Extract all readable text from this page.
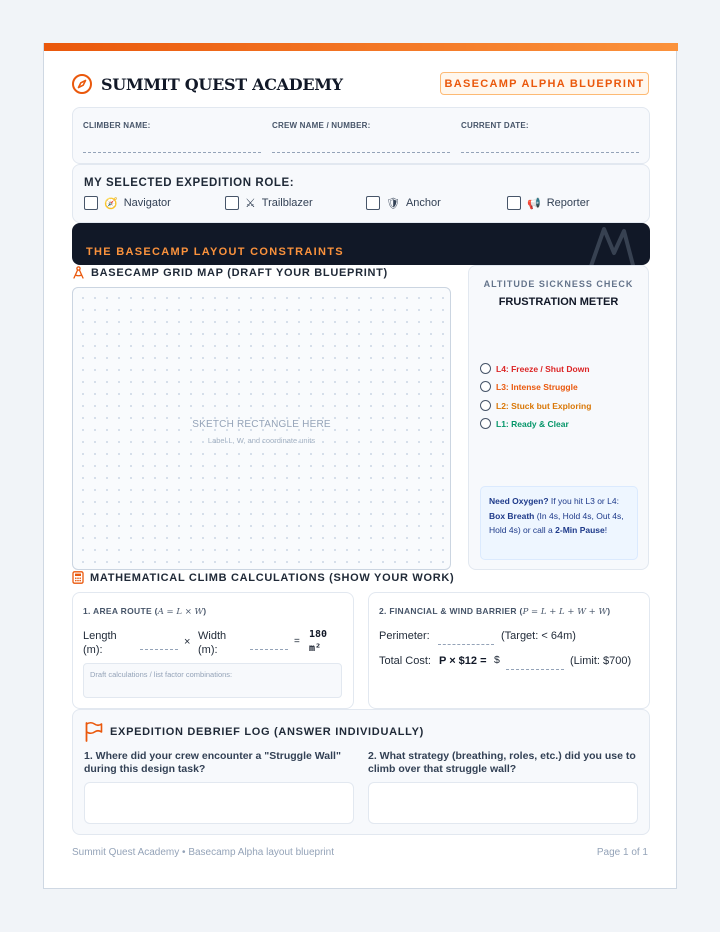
SUMMIT QUEST ACADEMY	BASECAMP ALPHA BLUEPRINT
CLIMBER NAME:	CREW NAME / NUMBER:	CURRENT DATE:
MY SELECTED EXPEDITION ROLE:
🧭 Navigator	⚔ Trailblazer	🛡 Anchor	📢 Reporter
THE BASECAMP LAYOUT CONSTRAINTS
BASECAMP GRID MAP (DRAFT YOUR BLUEPRINT)
SKETCH RECTANGLE HERE
Label L, W, and coordinate units
ALTITUDE SICKNESS CHECK
FRUSTRATION METER
L4: Freeze / Shut Down
L3: Intense Struggle
L2: Stuck but Exploring
L1: Ready & Clear
Need Oxygen? If you hit L3 or L4: Box Breath (In 4s, Hold 4s, Out 4s, Hold 4s) or call a 2-Min Pause!
MATHEMATICAL CLIMB CALCULATIONS (SHOW YOUR WORK)
1. AREA ROUTE (A = L × W)
Length (m):
× Width (m):
=
180 m²
Draft calculations / list factor combinations:
2. FINANCIAL & WIND BARRIER (P = L + L + W + W)
Perimeter:	(Target: < 64m)
Total Cost: P × $12 = $	(Limit: $700)
EXPEDITION DEBRIEF LOG (ANSWER INDIVIDUALLY)
1. Where did your crew encounter a "Struggle Wall" during this design task?
2. What strategy (breathing, roles, etc.) did you use to climb over that struggle wall?
Summit Quest Academy • Basecamp Alpha layout blueprint	Page 1 of 1
